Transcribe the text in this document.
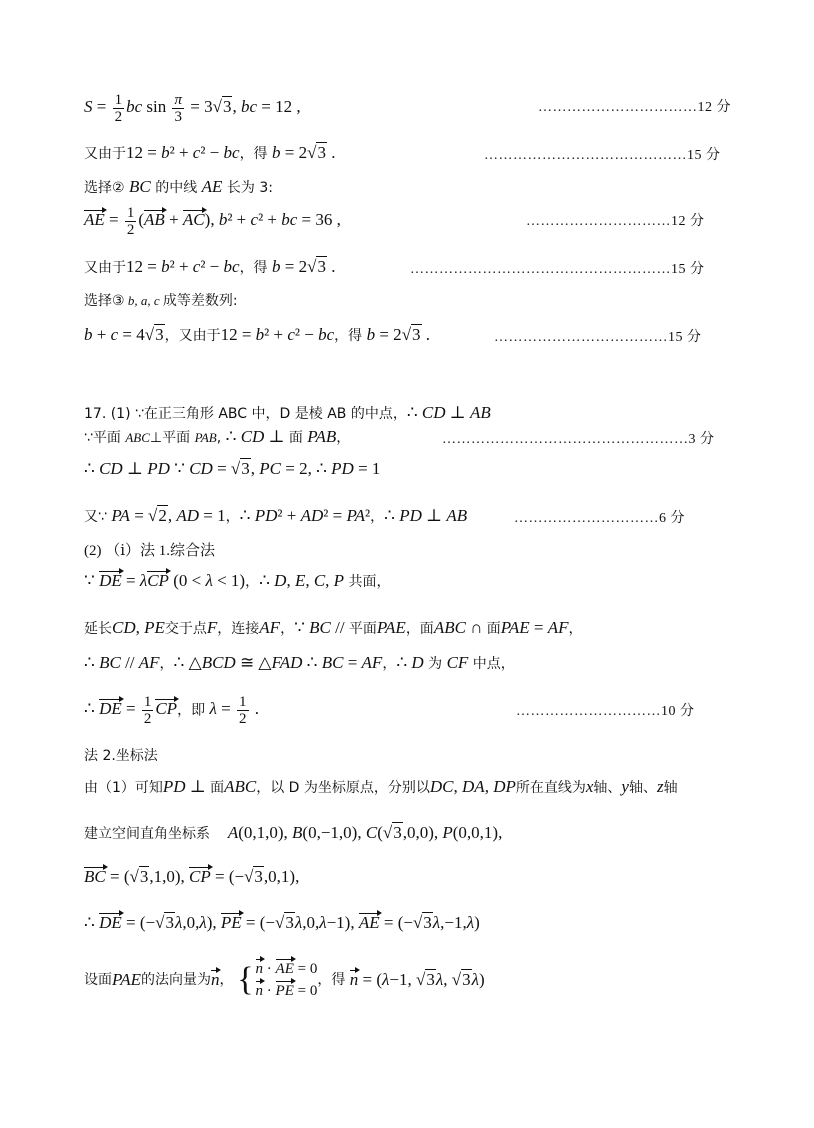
$S = \frac{1}{2}$ bc $\sin \frac{\pi}{3} = 3√3$, bc = 12 ,	……………………………12 分
又由于12 = b² + c² − bc，得 b = 2√3 .	……………………………………15 分
选择② BC 的中线 AE 长为 3:
AE = $\frac{1}{2} (AB + AC)$, b² + c² + bc = 36 ,	…………………………12 分
又由于12 = b² + c² − bc，得 b = 2√3 .	………………………………………………15 分
选择③ b, a, c 成等差数列:
b + c = 4√3，又由于12 = b² + c² − bc，得 b = 2√3 .	………………………………15 分
17. (1) ∵在正三角形 ABC 中，D 是棱 AB 的中点，∴ CD ⊥ AB
∵平面 ABC⊥平面 PAB, ∴ CD ⊥ 面 PAB，	……………………………………………3 分
∴ CD ⊥ PD ∵ CD = √3, PC = 2, ∴ PD = 1
又∵ PA = √2, AD = 1，∴ PD² + AD² = PA²，∴ PD ⊥ AB	…………………………6 分
(2) （ⅰ）法 1.综合法
∵ DE = λCP (0 < λ < 1)，∴ D, E, C, P 共面，
延长CD, PE交于点F，连接AF，∵ BC // 平面PAE，面ABC ∩ 面PAE = AF，
∴ BC // AF，∴ △BCD ≅ △FAD ∴ BC = AF，∴ D 为 CF 中点，
∴ DE = $\frac{1}{2}$ CP，即 $\lambda = \frac{1}{2}$ .	…………………………10 分
法 2.坐标法
由（1）可知PD ⊥ 面ABC，以 D 为坐标原点，分别以DC, DA, DP所在直线为x轴、y轴、z轴
建立空间直角坐标系    A(0,1,0), B(0,−1,0), C(√3,0,0), P(0,0,1),
BC = (√3,1,0), CP = (−√3,0,1),
∴ DE = (−√3λ,0,λ), PE = (−√3λ,0,λ−1), AE = (−√3λ,−1,λ)
设面PAE的法向量为n， { n · AE = 0
n · PE = 0，得 n = (λ−1, √3λ, √3λ)
